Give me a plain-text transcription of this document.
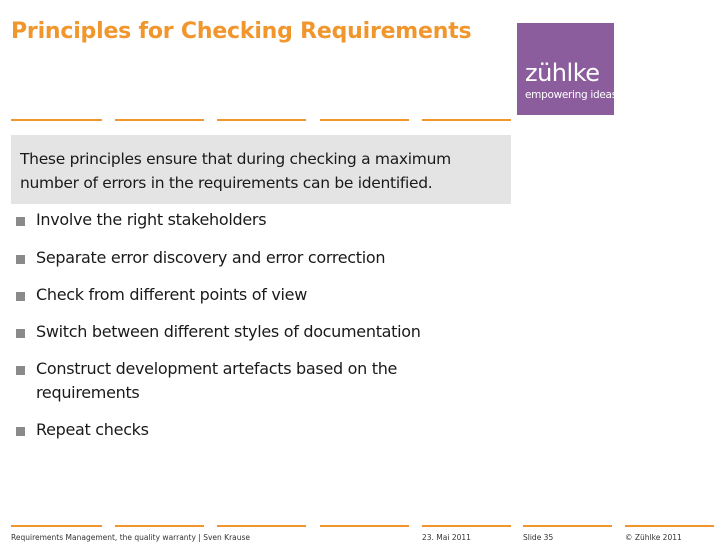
Principles for Checking Requirements
zühlke
empowering ideas
These principles ensure that during checking a maximum
number of errors in the requirements can be identified.
Involve the right stakeholders
Separate error discovery and error correction
Check from different points of view
Switch between different styles of documentation
Construct development artefacts based on the
requirements
Repeat checks
Requirements Management, the quality warranty | Sven Krause	23. Mai 2011	Slide 35	© Zühlke 2011
